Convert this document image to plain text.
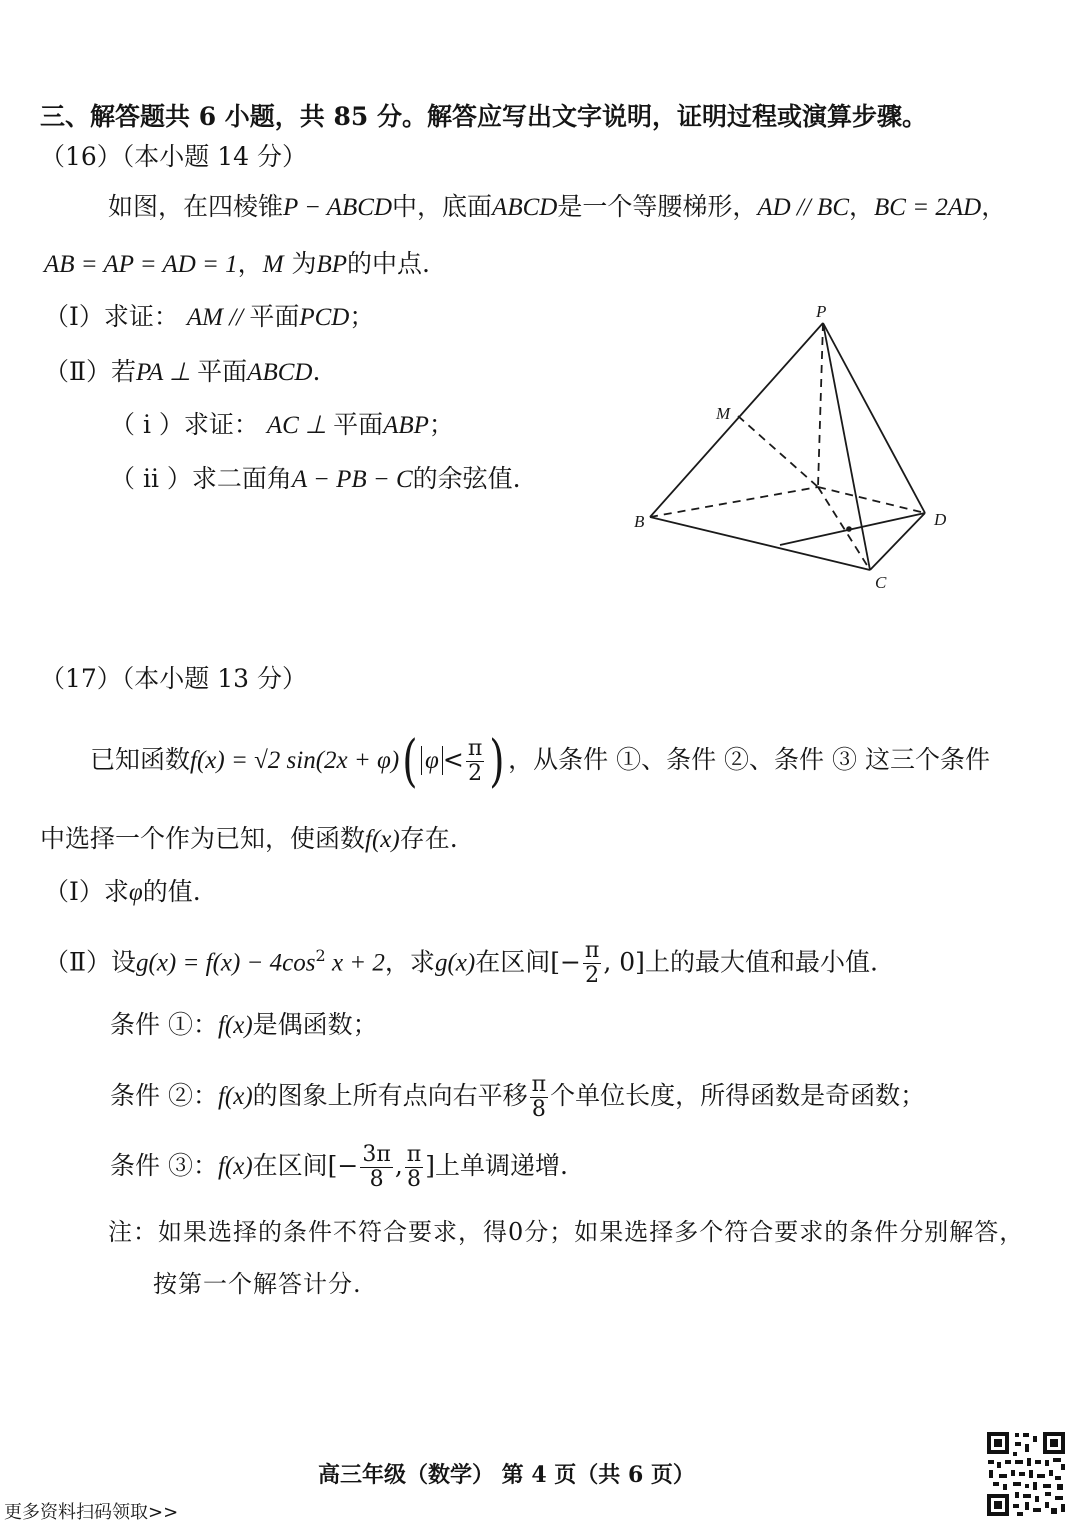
三、解答题共 6 小题，共 85 分。解答应写出文字说明，证明过程或演算步骤。
（16）（本小题 14 分）
如图，在四棱锥P − ABCD中，底面ABCD是一个等腰梯形，AD // BC，BC = 2AD，
AB = AP = AD = 1，M 为BP的中点.
（Ⅰ）求证： AM // 平面PCD；
（Ⅱ）若PA ⊥ 平面ABCD.
（ i ）求证： AC ⊥ 平面ABP；
（ ii ）求二面角A − PB − C的余弦值.
P
M
B
C
D
（17）（本小题 13 分）
已知函数f(x) = √2 sin(2x + φ)( $\varphi < \frac{\pi}{2}$ ) ，从条件 ①、条件 ②、条件 ③ 这三个条件
中选择一个作为已知，使函数f(x)存在.
（Ⅰ）求φ的值.
（Ⅱ）设$g(x) = f(x) - 4\cos^2$ x + 2，求g(x)在区间[− $\frac{\pi}{2}$ , 0]上的最大值和最小值.
条件 ①：f(x)是偶函数；
条件 ②：f(x)的图象上所有点向右平移 $\frac{\pi}{8}$ 个单位长度，所得函数是奇函数；
条件 ③：f(x)在区间[− $\frac{3\pi}{8}$ , $\frac{\pi}{8}$ ]上单调递增.
注：如果选择的条件不符合要求，得0分；如果选择多个符合要求的条件分别解答，
按第一个解答计分.
高三年级（数学） 第 4 页（共 6 页）
更多资料扫码领取>>
